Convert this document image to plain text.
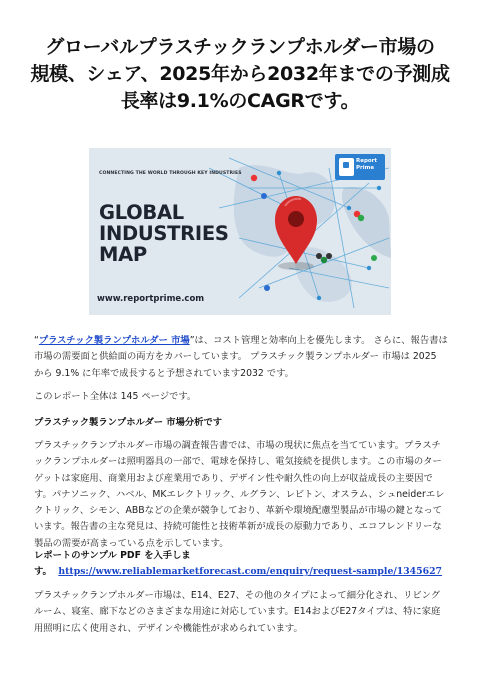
グローバルプラスチックランプホルダー市場の
規模、シェア、2025年から2032年までの予測成
長率は9.1%のCAGRです。
CONNECTING THE WORLD THROUGH KEY INDUSTRIES
GLOBAL
INDUSTRIES
MAP
www.reportprime.com
Report
Prime
“プラスチック製ランプホルダー 市場”は、コスト管理と効率向上を優先します。 さらに、報告書は市場の需要面と供給面の両方をカバーしています。 プラスチック製ランプホルダー 市場は 2025 から 9.1% に年率で成長すると予想されています2032 です。
このレポート全体は 145 ページです。
プラスチック製ランプホルダー 市場分析です
プラスチックランプホルダー市場の調査報告書では、市場の現状に焦点を当てています。プラスチックランプホルダーは照明器具の一部で、電球を保持し、電気接続を提供します。この市場のターゲットは家庭用、商業用および産業用であり、デザイン性や耐久性の向上が収益成長の主要因です。パナソニック、ハベル、MKエレクトリック、ルグラン、レビトン、オスラム、シュneiderエレクトリック、シモン、ABBなどの企業が競争しており、革新や環境配慮型製品が市場の鍵となっています。報告書の主な発見は、持続可能性と技術革新が成長の原動力であり、エコフレンドリーな製品の需要が高まっている点を示しています。
レポートのサンプル PDF を入手しま
す。 https://www.reliablemarketforecast.com/enquiry/request-sample/1345627
プラスチックランプホルダー市場は、E14、E27、その他のタイプによって細分化され、リビングルーム、寝室、廊下などのさまざまな用途に対応しています。E14およびE27タイプは、特に家庭用照明に広く使用され、デザインや機能性が求められています。
